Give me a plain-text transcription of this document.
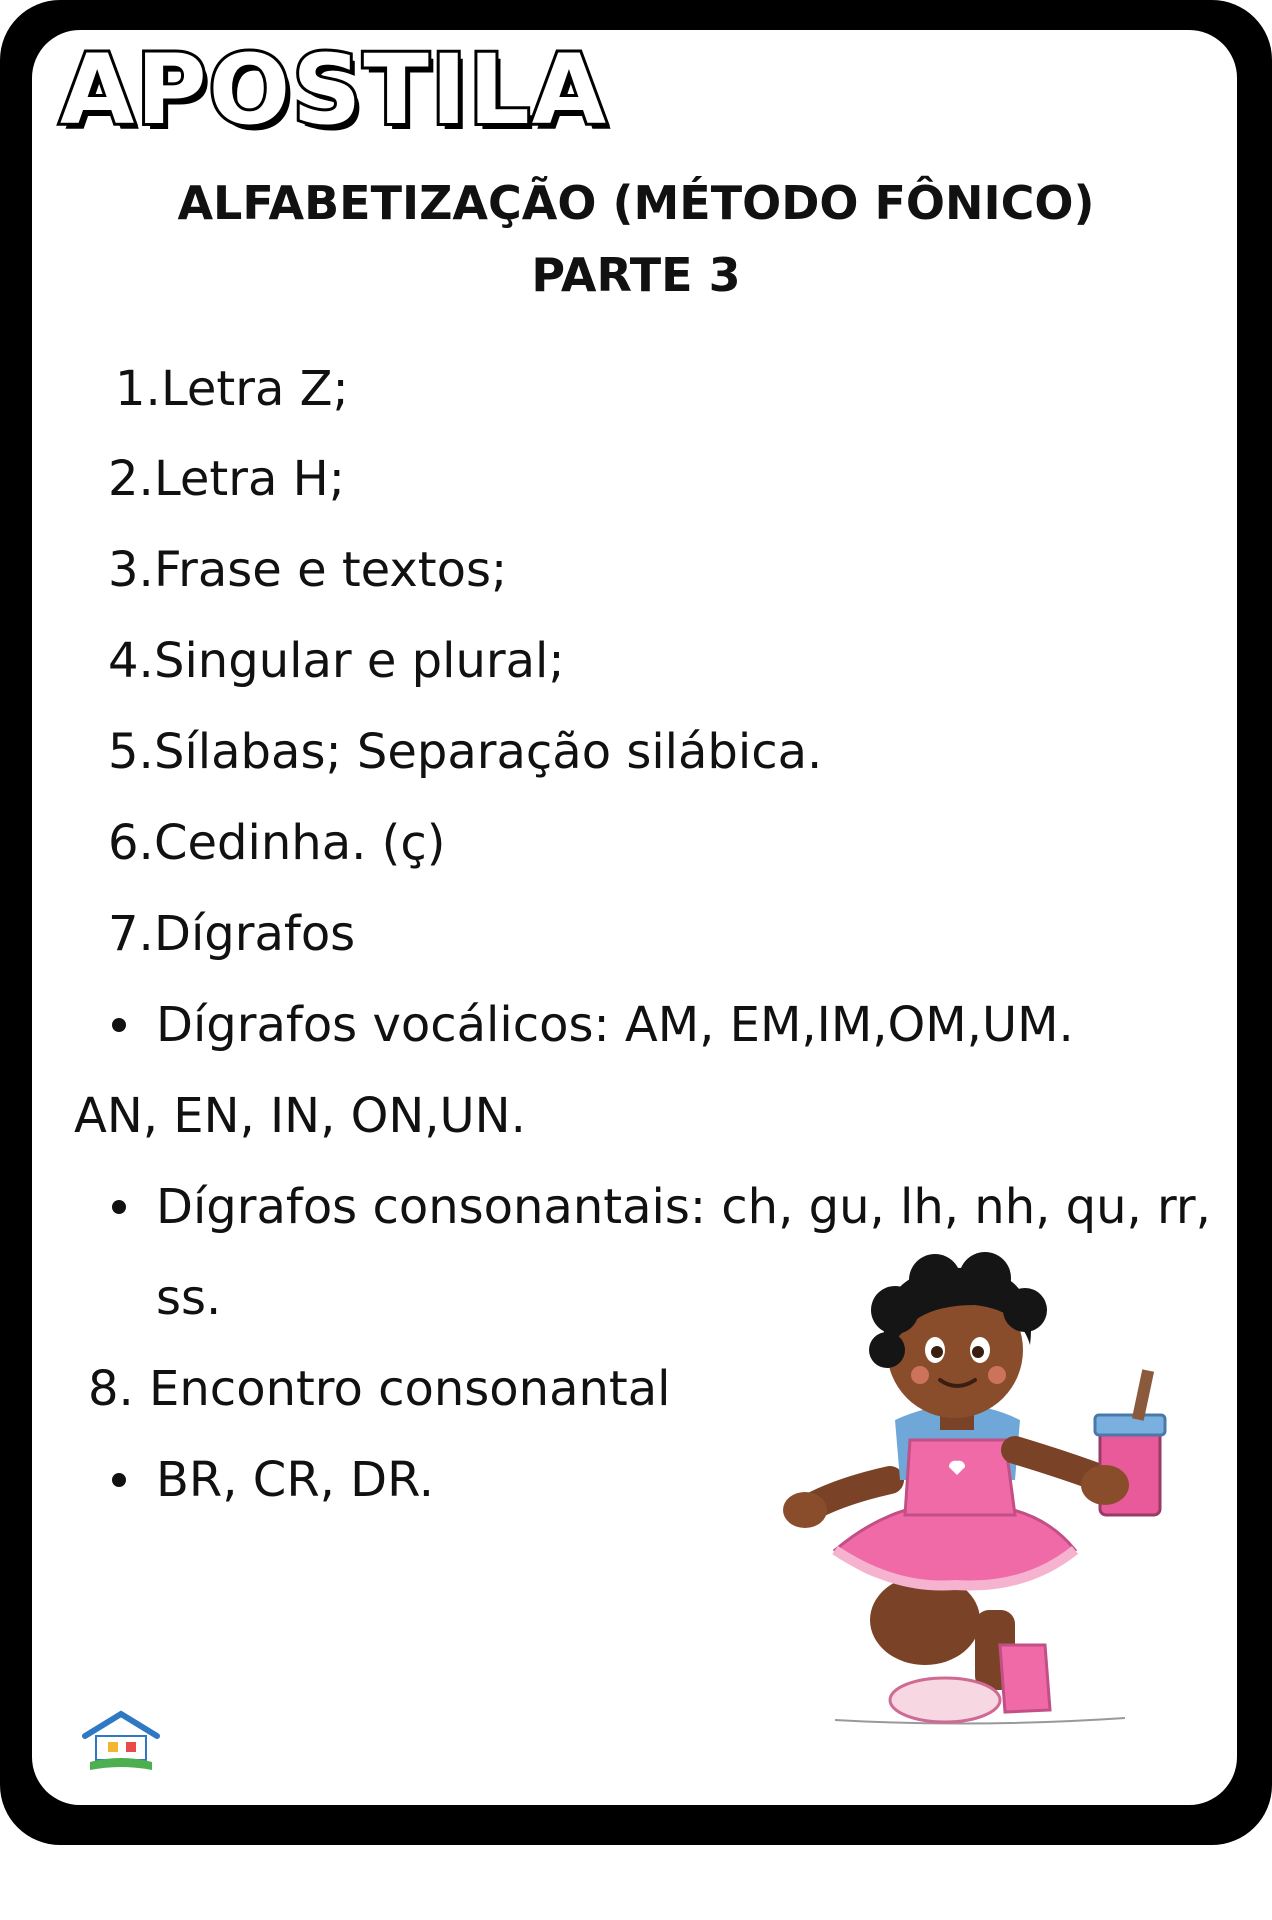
APOSTILA
ALFABETIZAÇÃO (MÉTODO FÔNICO)
PARTE 3
1.Letra Z;
2.Letra H;
3.Frase e textos;
4.Singular e plural;
5.Sílabas; Separação silábica.
6.Cedinha. (ç)
7.Dígrafos
Dígrafos vocálicos: AM, EM,IM,OM,UM.
AN, EN, IN, ON,UN.
Dígrafos consonantais: ch, gu, lh, nh, qu, rr,
ss.
8. Encontro consonantal
BR, CR, DR.
